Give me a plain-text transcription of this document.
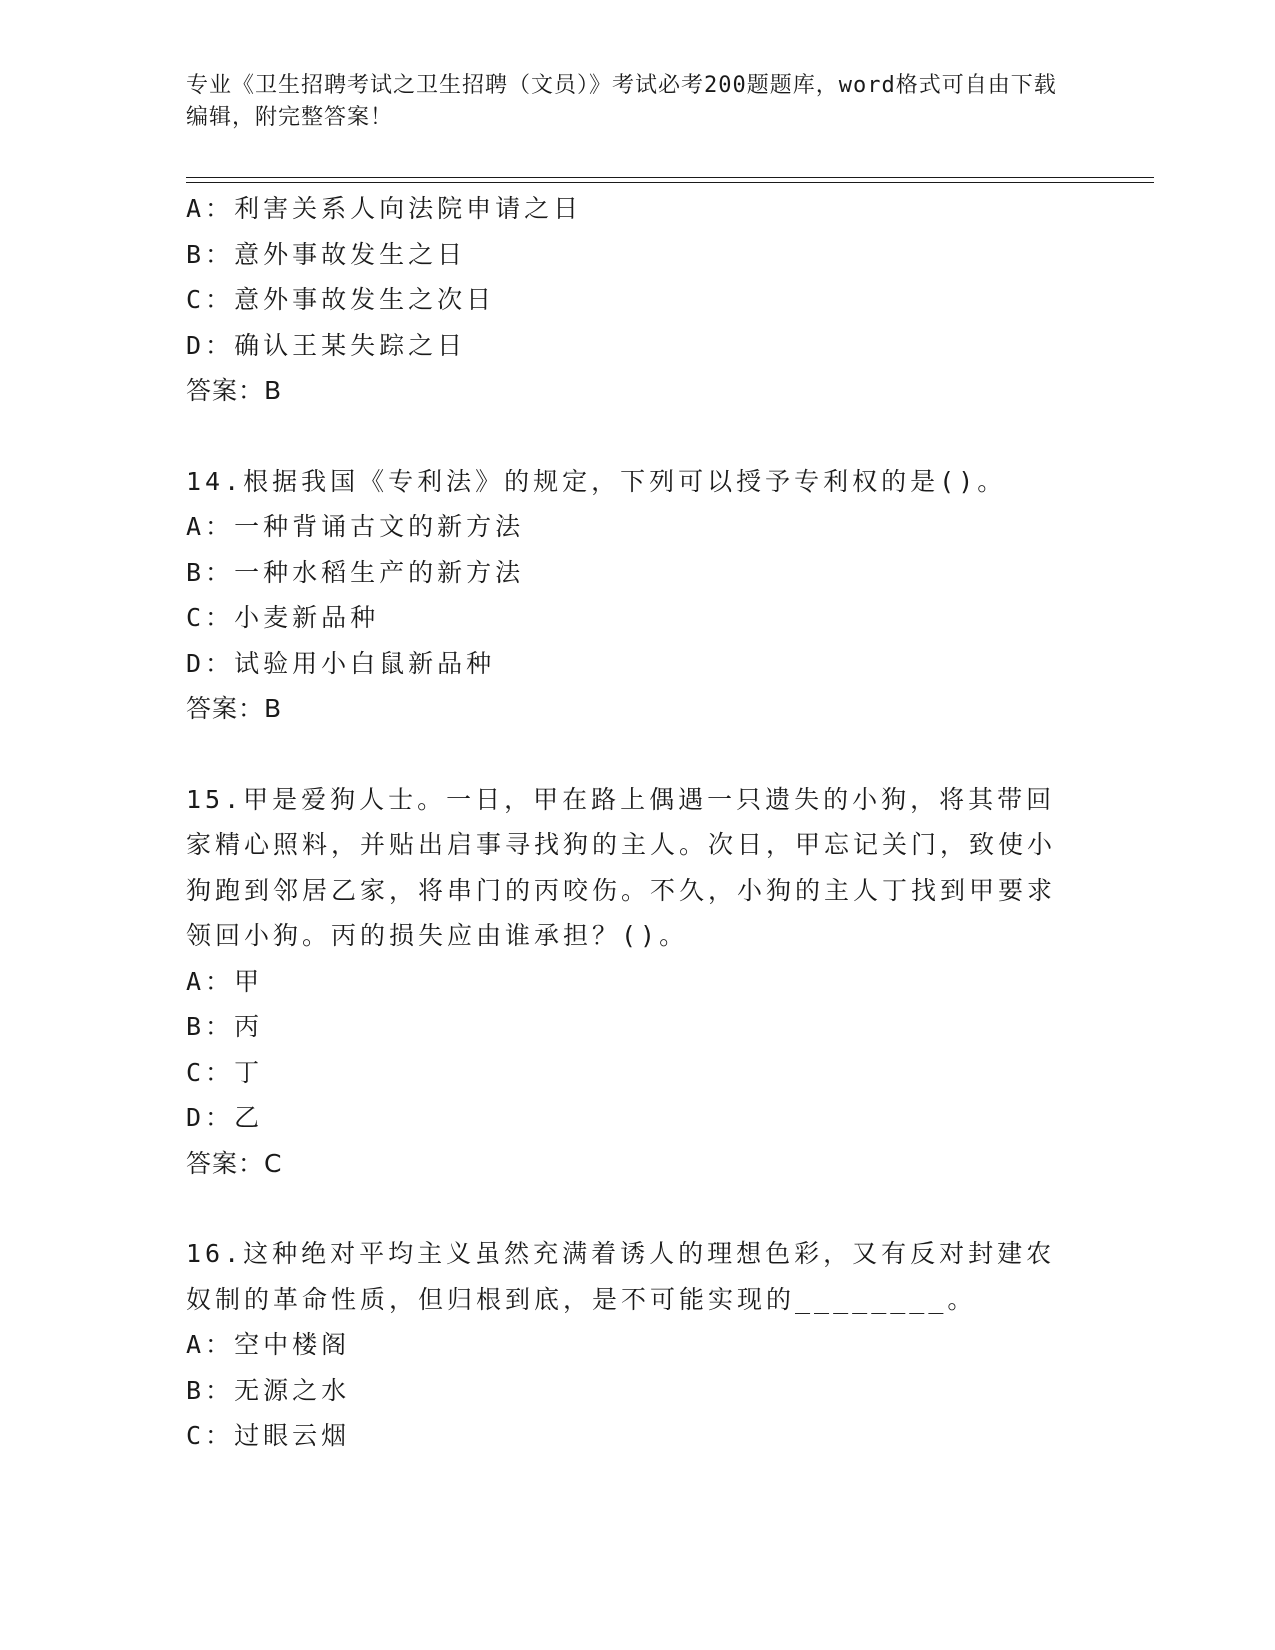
专业《卫生招聘考试之卫生招聘（文员）》考试必考200题题库，word格式可自由下载编辑，附完整答案！
A：利害关系人向法院申请之日
B：意外事故发生之日
C：意外事故发生之次日
D：确认王某失踪之日
答案：B
14.根据我国《专利法》的规定，下列可以授予专利权的是()。
A：一种背诵古文的新方法
B：一种水稻生产的新方法
C：小麦新品种
D：试验用小白鼠新品种
答案：B
15.甲是爱狗人士。一日，甲在路上偶遇一只遗失的小狗，将其带回家精心照料，并贴出启事寻找狗的主人。次日，甲忘记关门，致使小狗跑到邻居乙家，将串门的丙咬伤。不久，小狗的主人丁找到甲要求领回小狗。丙的损失应由谁承担？()。
A：甲
B：丙
C：丁
D：乙
答案：C
16.这种绝对平均主义虽然充满着诱人的理想色彩，又有反对封建农奴制的革命性质，但归根到底，是不可能实现的________。
A：空中楼阁
B：无源之水
C：过眼云烟
